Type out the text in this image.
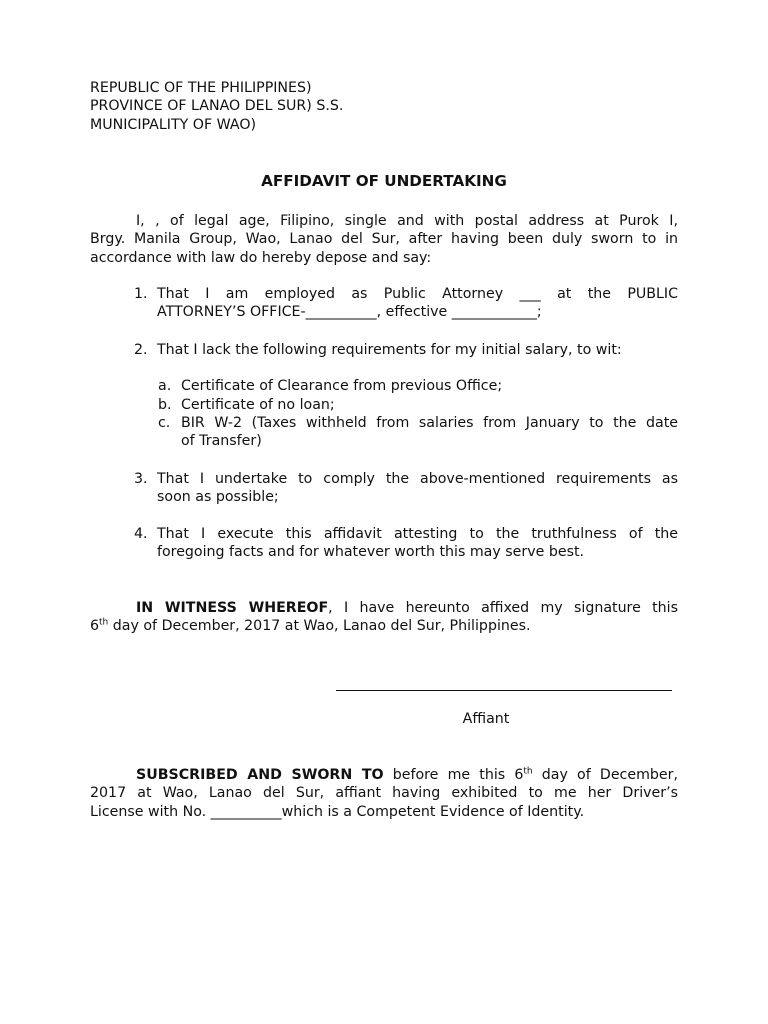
REPUBLIC OF THE PHILIPPINES)
PROVINCE OF LANAO DEL SUR) S.S.
MUNICIPALITY OF WAO)
AFFIDAVIT OF UNDERTAKING
I, , of legal age, Filipino, single and with postal address at Purok I,
Brgy. Manila Group, Wao, Lanao del Sur, after having been duly sworn to in
accordance with law do hereby depose and say:
1. That I am employed as Public Attorney ___ at the PUBLIC
ATTORNEY’S OFFICE-__________, effective ____________;
2. That I lack the following requirements for my initial salary, to wit:
a. Certificate of Clearance from previous Office;
b. Certificate of no loan;
c. BIR W-2 (Taxes withheld from salaries from January to the date
of Transfer)
3. That I undertake to comply the above-mentioned requirements as
soon as possible;
4. That I execute this affidavit attesting to the truthfulness of the
foregoing facts and for whatever worth this may serve best.
IN WITNESS WHEREOF, I have hereunto affixed my signature this
6th day of December, 2017 at Wao, Lanao del Sur, Philippines.
Affiant
SUBSCRIBED AND SWORN TO before me this 6th day of December,
2017 at Wao, Lanao del Sur, affiant having exhibited to me her Driver’s
License with No. __________which is a Competent Evidence of Identity.
